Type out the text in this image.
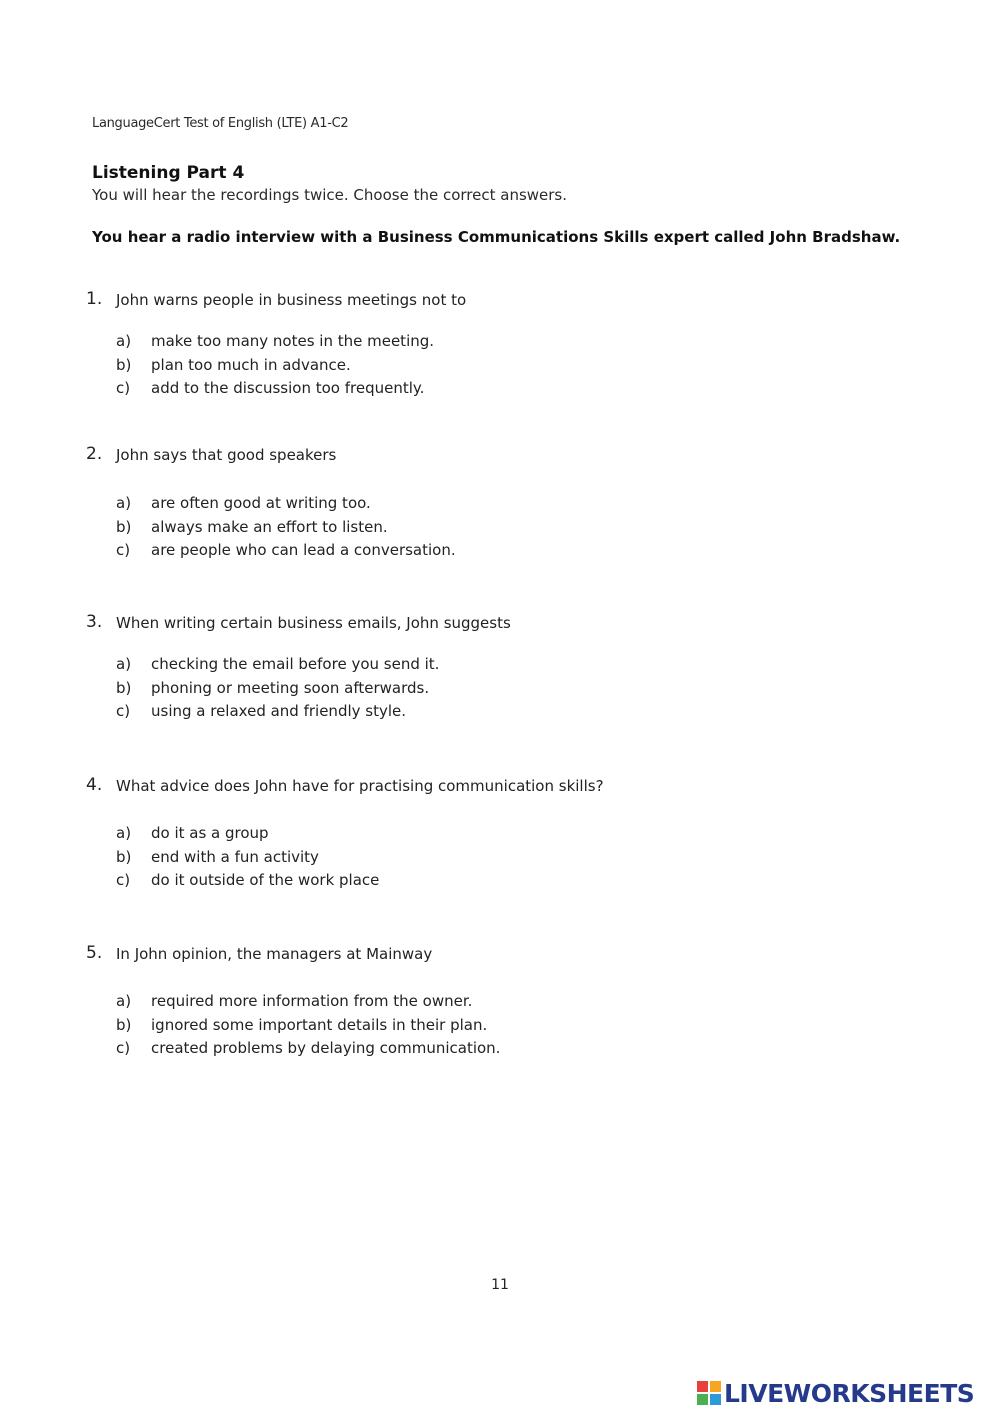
LanguageCert Test of English (LTE) A1-C2
Listening Part 4
You will hear the recordings twice. Choose the correct answers.
You hear a radio interview with a Business Communications Skills expert called John Bradshaw.
1. John warns people in business meetings not to
a) make too many notes in the meeting.
b) plan too much in advance.
c) add to the discussion too frequently.
2. John says that good speakers
a) are often good at writing too.
b) always make an effort to listen.
c) are people who can lead a conversation.
3. When writing certain business emails, John suggests
a) checking the email before you send it.
b) phoning or meeting soon afterwards.
c) using a relaxed and friendly style.
4. What advice does John have for practising communication skills?
a) do it as a group
b) end with a fun activity
c) do it outside of the work place
5. In John opinion, the managers at Mainway
a) required more information from the owner.
b) ignored some important details in their plan.
c) created problems by delaying communication.
11
LIVEWORKSHEETS
